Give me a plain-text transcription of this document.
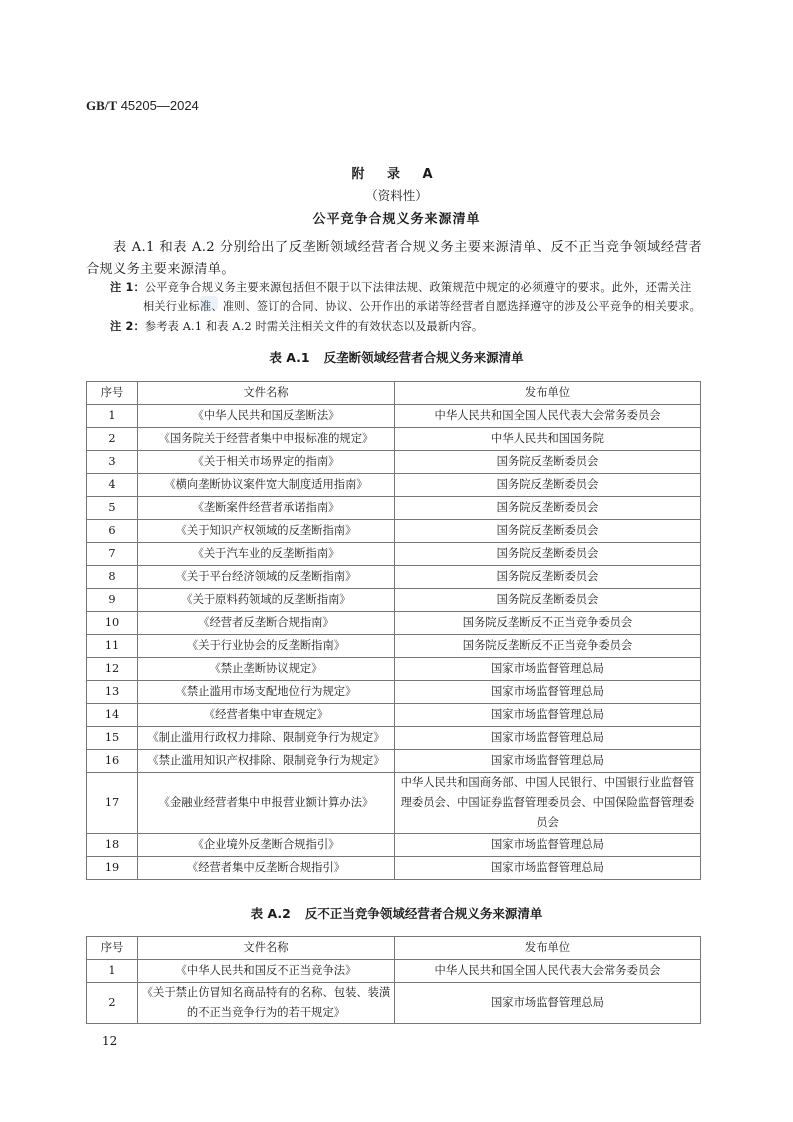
GB/T 45205—2024
附 录 A
（资料性）
公平竞争合规义务来源清单
表 A.1 和表 A.2 分别给出了反垄断领域经营者合规义务主要来源清单、反不正当竞争领域经营者合规义务主要来源清单。
注 1：公平竞争合规义务主要来源包括但不限于以下法律法规、政策规范中规定的必须遵守的要求。此外，还需关注相关行业标准、准则、签订的合同、协议、公开作出的承诺等经营者自愿选择遵守的涉及公平竞争的相关要求。
注 2：参考表 A.1 和表 A.2 时需关注相关文件的有效状态以及最新内容。
表 A.1 反垄断领域经营者合规义务来源清单
序号	文件名称	发布单位
1	《中华人民共和国反垄断法》	中华人民共和国全国人民代表大会常务委员会
2	《国务院关于经营者集中申报标准的规定》	中华人民共和国国务院
3	《关于相关市场界定的指南》	国务院反垄断委员会
4	《横向垄断协议案件宽大制度适用指南》	国务院反垄断委员会
5	《垄断案件经营者承诺指南》	国务院反垄断委员会
6	《关于知识产权领域的反垄断指南》	国务院反垄断委员会
7	《关于汽车业的反垄断指南》	国务院反垄断委员会
8	《关于平台经济领域的反垄断指南》	国务院反垄断委员会
9	《关于原料药领域的反垄断指南》	国务院反垄断委员会
10	《经营者反垄断合规指南》	国务院反垄断反不正当竞争委员会
11	《关于行业协会的反垄断指南》	国务院反垄断反不正当竞争委员会
12	《禁止垄断协议规定》	国家市场监督管理总局
13	《禁止滥用市场支配地位行为规定》	国家市场监督管理总局
14	《经营者集中审查规定》	国家市场监督管理总局
15	《制止滥用行政权力排除、限制竞争行为规定》	国家市场监督管理总局
16	《禁止滥用知识产权排除、限制竞争行为规定》	国家市场监督管理总局
17	《金融业经营者集中申报营业额计算办法》	中华人民共和国商务部、中国人民银行、中国银行业监督管理委员会、中国证券监督管理委员会、中国保险监督管理委员会
18	《企业境外反垄断合规指引》	国家市场监督管理总局
19	《经营者集中反垄断合规指引》	国家市场监督管理总局
表 A.2 反不正当竞争领域经营者合规义务来源清单
序号	文件名称	发布单位
1	《中华人民共和国反不正当竞争法》	中华人民共和国全国人民代表大会常务委员会
2	《关于禁止仿冒知名商品特有的名称、包装、装潢的不正当竞争行为的若干规定》	国家市场监督管理总局
12
